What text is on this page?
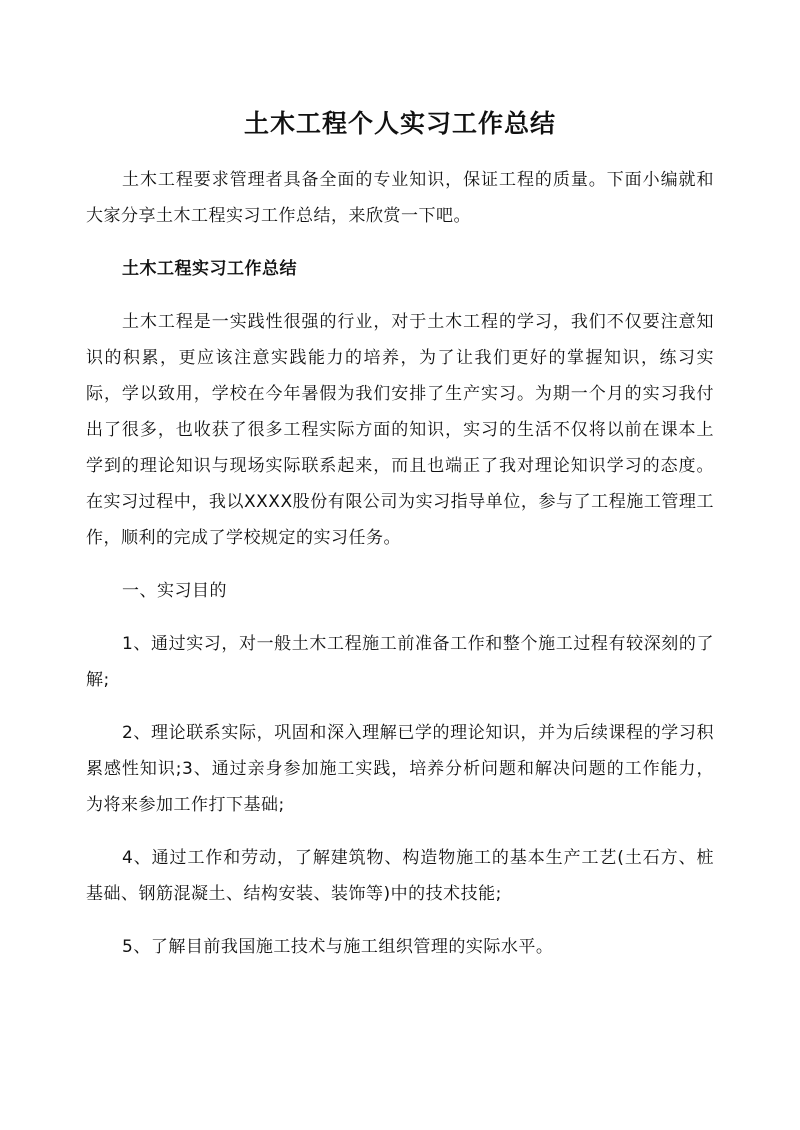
土木工程个人实习工作总结

土木工程要求管理者具备全面的专业知识，保证工程的质量。下面小编就和大家分享土木工程实习工作总结，来欣赏一下吧。

土木工程实习工作总结

土木工程是一实践性很强的行业，对于土木工程的学习，我们不仅要注意知识的积累，更应该注意实践能力的培养，为了让我们更好的掌握知识，练习实际，学以致用，学校在今年暑假为我们安排了生产实习。为期一个月的实习我付出了很多，也收获了很多工程实际方面的知识，实习的生活不仅将以前在课本上学到的理论知识与现场实际联系起来，而且也端正了我对理论知识学习的态度。在实习过程中，我以XXXX股份有限公司为实习指导单位，参与了工程施工管理工作，顺利的完成了学校规定的实习任务。

一、实习目的

1、通过实习，对一般土木工程施工前准备工作和整个施工过程有较深刻的了解;

2、理论联系实际，巩固和深入理解已学的理论知识，并为后续课程的学习积累感性知识;3、通过亲身参加施工实践，培养分析问题和解决问题的工作能力，为将来参加工作打下基础;

4、通过工作和劳动，了解建筑物、构造物施工的基本生产工艺(土石方、桩基础、钢筋混凝土、结构安装、装饰等)中的技术技能;

5、了解目前我国施工技术与施工组织管理的实际水平。
